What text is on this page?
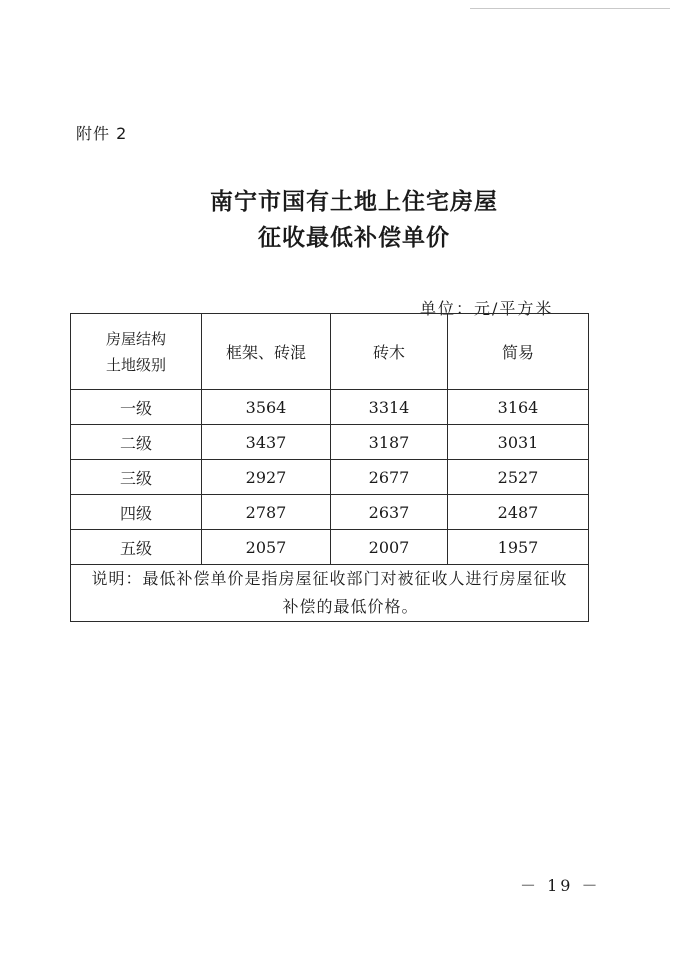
附件 2
南宁市国有土地上住宅房屋
征收最低补偿单价
单位：元/平方米
房屋结构
土地级别	框架、砖混	砖木	简易
一级	3564	3314	3164
二级	3437	3187	3031
三级	2927	2677	2527
四级	2787	2637	2487
五级	2057	2007	1957

说明：最低补偿单价是指房屋征收部门对被征收人进行房屋征收
补偿的最低价格。			
－ 19 －
